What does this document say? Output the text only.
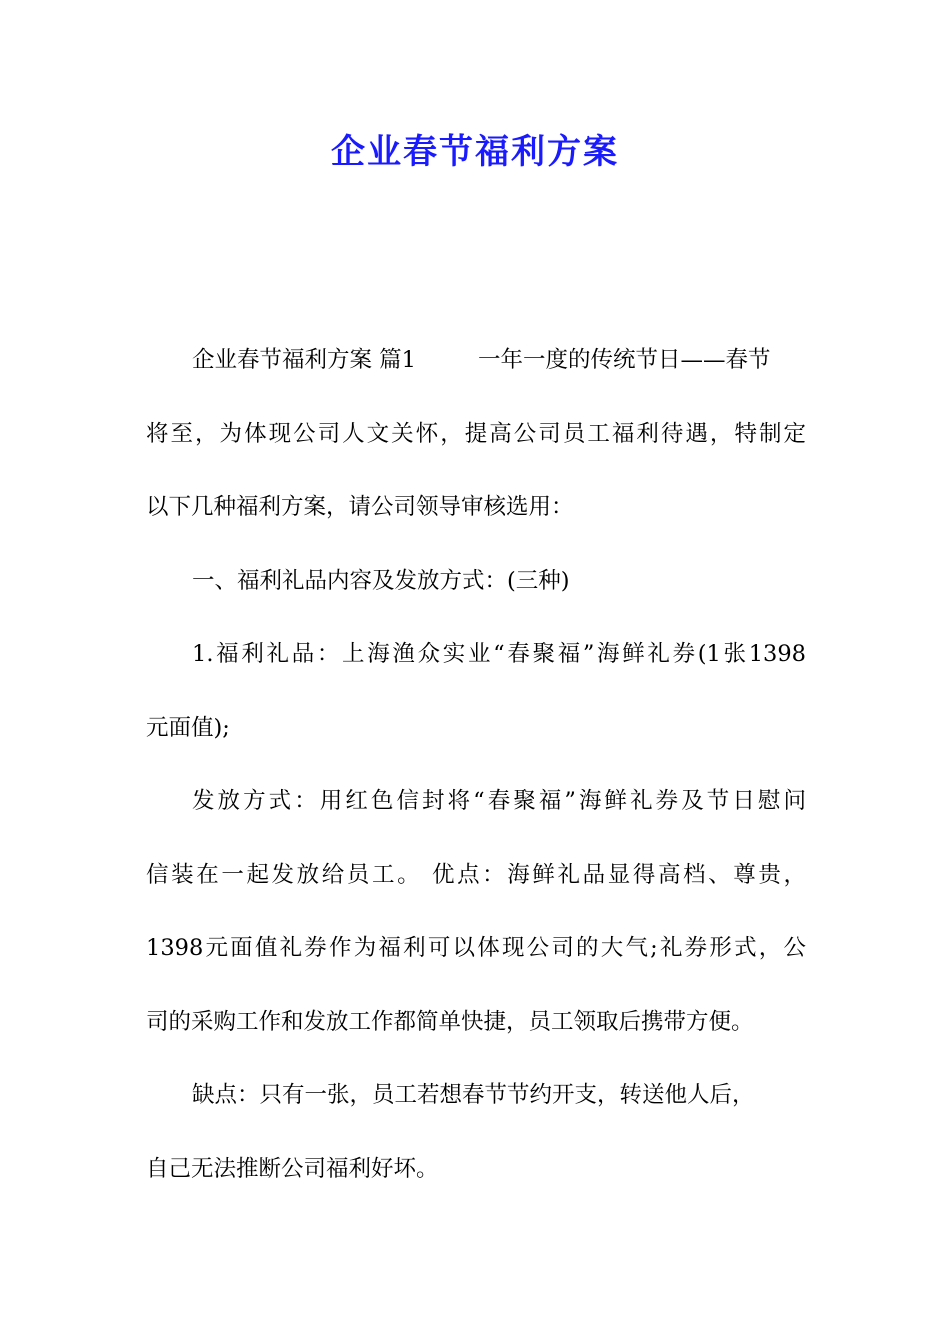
企业春节福利方案
企业春节福利方案 篇1	一年一度的传统节日——春节
将至，为体现公司人文关怀，提高公司员工福利待遇，特制定
以下几种福利方案，请公司领导审核选用：
一、福利礼品内容及发放方式：(三种)
1.福利礼品：上海渔众实业“春聚福”海鲜礼券(1张1398
元面值);
发放方式：用红色信封将“春聚福”海鲜礼券及节日慰问
信装在一起发放给员工。 优点：海鲜礼品显得高档、尊贵，
1398元面值礼券作为福利可以体现公司的大气;礼券形式，公
司的采购工作和发放工作都简单快捷，员工领取后携带方便。
缺点：只有一张，员工若想春节节约开支，转送他人后，
自己无法推断公司福利好坏。
